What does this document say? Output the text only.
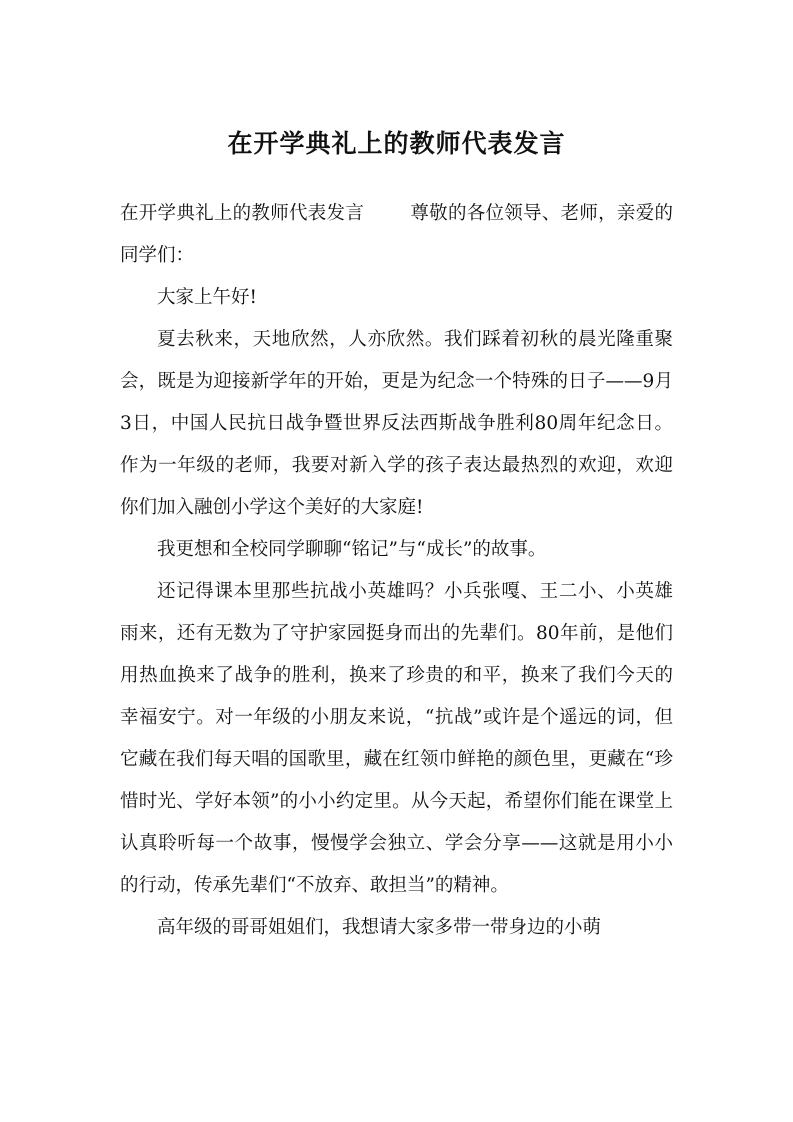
在开学典礼上的教师代表发言

在开学典礼上的教师代表发言 尊敬的各位领导、老师，亲爱的同学们：

大家上午好!

夏去秋来，天地欣然，人亦欣然。我们踩着初秋的晨光隆重聚会，既是为迎接新学年的开始，更是为纪念一个特殊的日子——9月3日，中国人民抗日战争暨世界反法西斯战争胜利80周年纪念日。作为一年级的老师，我要对新入学的孩子表达最热烈的欢迎，欢迎你们加入融创小学这个美好的大家庭!

我更想和全校同学聊聊“铭记”与“成长”的故事。

还记得课本里那些抗战小英雄吗？小兵张嘎、王二小、小英雄雨来，还有无数为了守护家园挺身而出的先辈们。80年前，是他们用热血换来了战争的胜利，换来了珍贵的和平，换来了我们今天的幸福安宁。对一年级的小朋友来说，“抗战”或许是个遥远的词，但它藏在我们每天唱的国歌里，藏在红领巾鲜艳的颜色里，更藏在“珍惜时光、学好本领”的小小约定里。从今天起，希望你们能在课堂上认真聆听每一个故事，慢慢学会独立、学会分享——这就是用小小的行动，传承先辈们“不放弃、敢担当”的精神。

高年级的哥哥姐姐们，我想请大家多带一带身边的小萌
